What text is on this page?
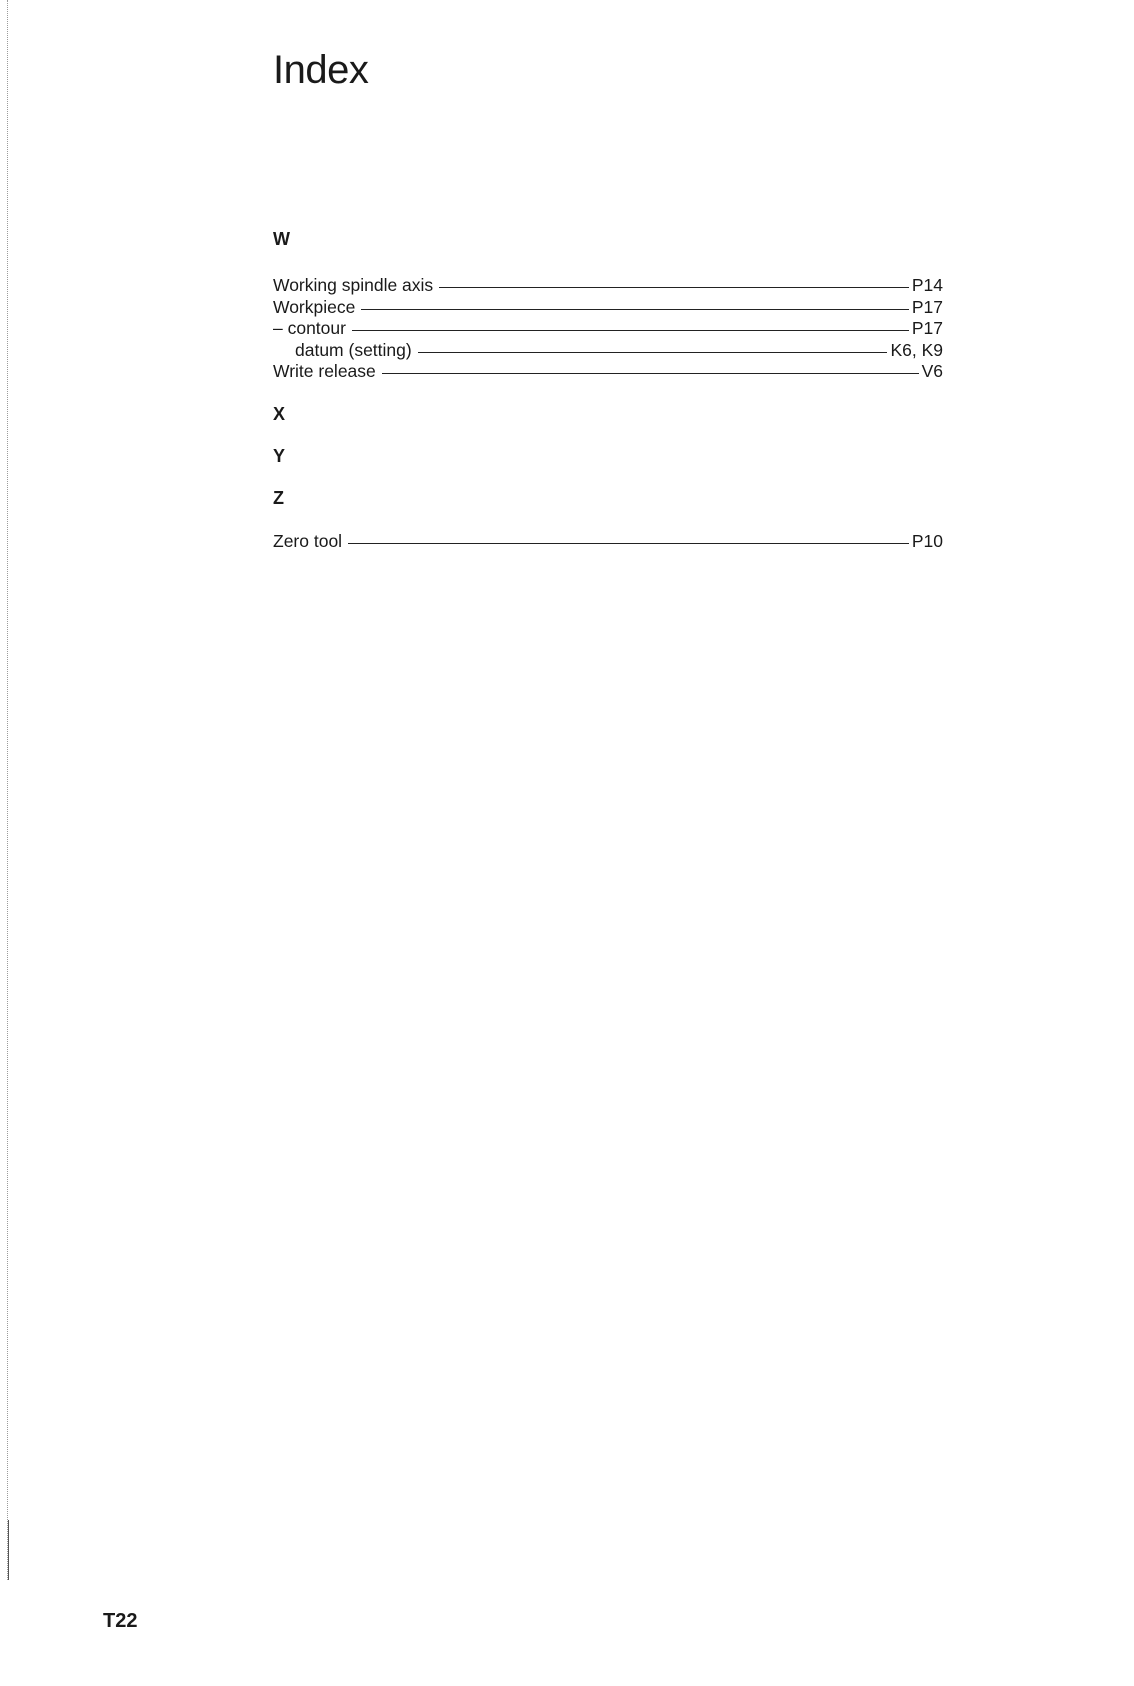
Index
W
Working spindle axis	P14
Workpiece	P17
– contour	P17
datum (setting)	K6, K9
Write release	V6
X
Y
Z
Zero tool	P10
T22
